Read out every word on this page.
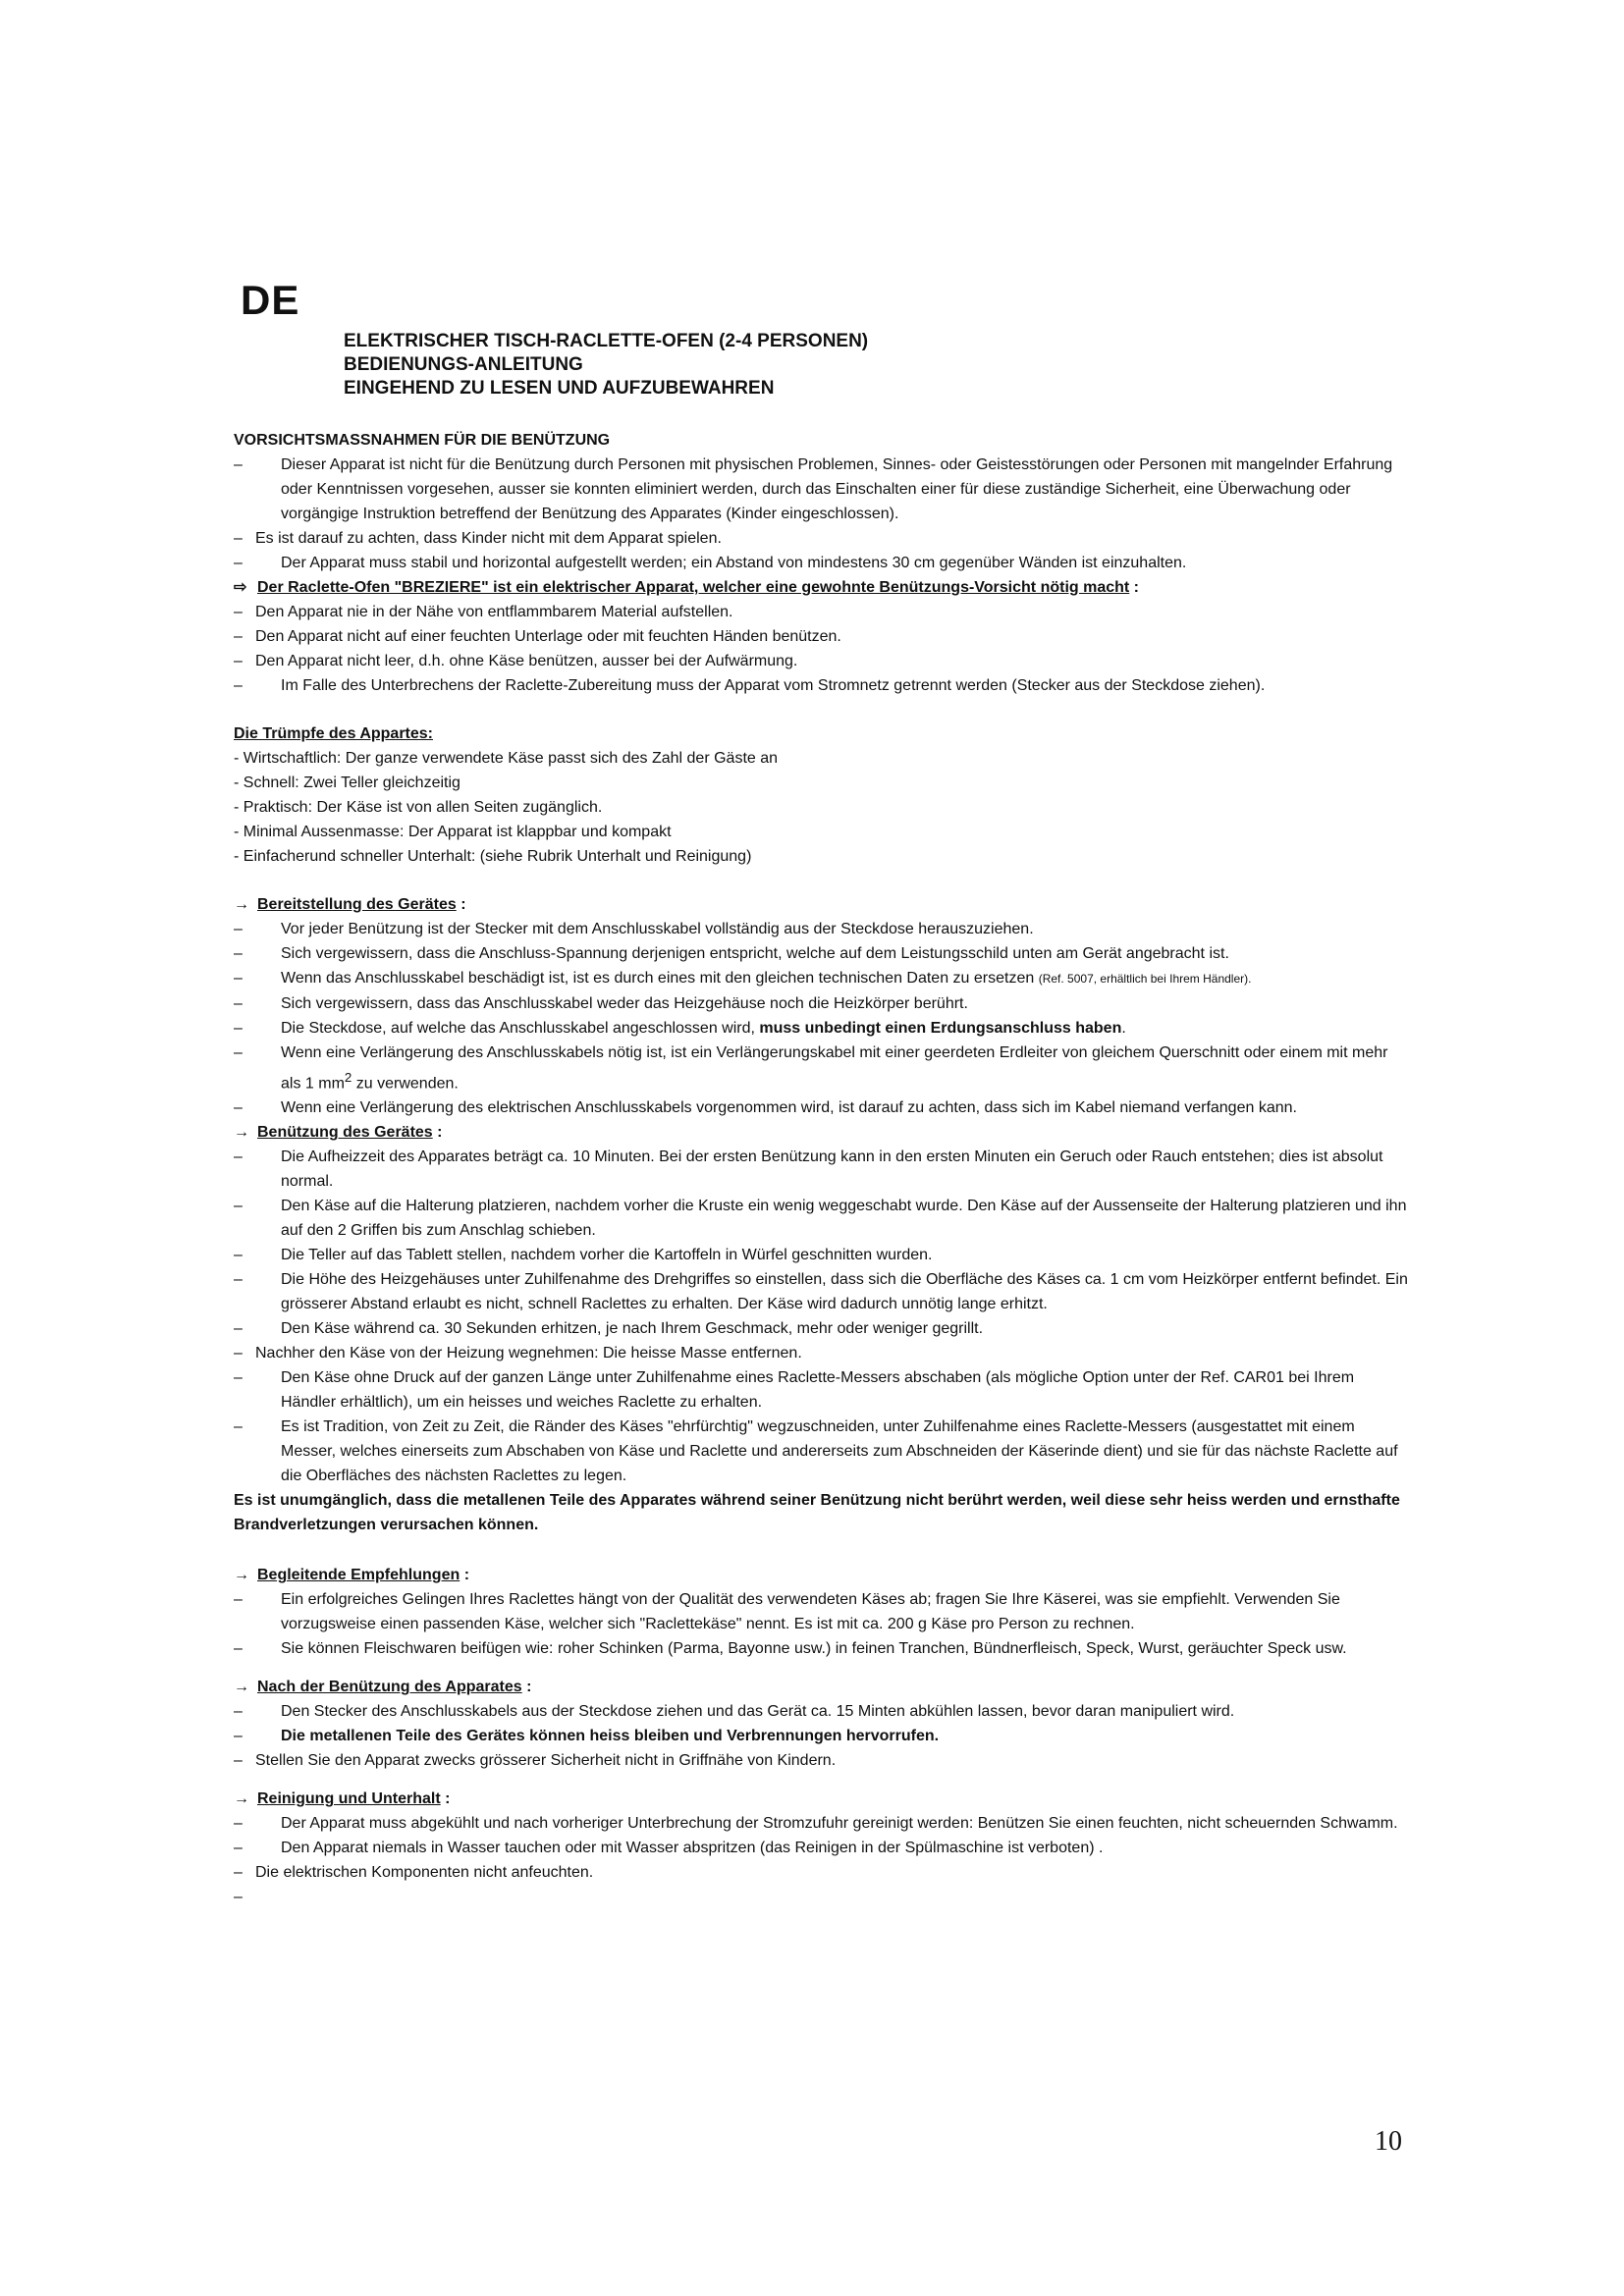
DE
ELEKTRISCHER TISCH-RACLETTE-OFEN (2-4 PERSONEN)
BEDIENUNGS-ANLEITUNG
EINGEHEND ZU LESEN UND AUFZUBEWAHREN

VORSICHTSMASSNAHMEN FÜR DIE BENÜTZUNG

–	Dieser Apparat ist nicht für die Benützung durch Personen mit physischen Problemen, Sinnes- oder Geistesstörungen oder Personen mit mangelnder Erfahrung oder Kenntnissen vorgesehen, ausser sie konnten eliminiert werden, durch das Einschalten einer für diese zuständige Sicherheit, eine Überwachung oder vorgängige Instruktion betreffend der Benützung des Apparates (Kinder eingeschlossen).
– Es ist darauf zu achten, dass Kinder nicht mit dem Apparat spielen.
–	Der Apparat muss stabil und horizontal aufgestellt werden; ein Abstand von mindestens 30 cm gegenüber Wänden ist einzuhalten.

⇨ Der Raclette-Ofen "BREZIERE" ist ein elektrischer Apparat, welcher eine gewohnte Benützungs-Vorsicht nötig macht :

– Den Apparat nie in der Nähe von entflammbarem Material aufstellen.
– Den Apparat nicht auf einer feuchten Unterlage oder mit feuchten Händen benützen.
– Den Apparat nicht leer, d.h. ohne Käse benützen, ausser bei der Aufwärmung.
–	Im Falle des Unterbrechens der Raclette-Zubereitung muss der Apparat vom Stromnetz getrennt werden (Stecker aus der Steckdose ziehen).

Die Trümpfe des Appartes:

- Wirtschaftlich: Der ganze verwendete Käse passt sich des Zahl der Gäste an

- Schnell: Zwei Teller gleichzeitig

- Praktisch: Der Käse ist von allen Seiten zugänglich.

- Minimal Aussenmasse: Der Apparat ist klappbar und kompakt

- Einfacherund schneller Unterhalt: (siehe Rubrik Unterhalt und Reinigung)

→ Bereitstellung des Gerätes :

–	Vor jeder Benützung ist der Stecker mit dem Anschlusskabel vollständig aus der Steckdose herauszuziehen.
–	Sich vergewissern, dass die Anschluss-Spannung derjenigen entspricht, welche auf dem Leistungsschild unten am Gerät angebracht ist.
–	Wenn das Anschlusskabel beschädigt ist, ist es durch eines mit den gleichen technischen Daten zu ersetzen (Ref. 5007, erhältlich bei Ihrem Händler).
–	Sich vergewissern, dass das Anschlusskabel weder das Heizgehäuse noch die Heizkörper berührt.
–	Die Steckdose, auf welche das Anschlusskabel angeschlossen wird, muss unbedingt einen Erdungsanschluss haben.
–	Wenn eine Verlängerung des Anschlusskabels nötig ist, ist ein Verlängerungskabel mit einer geerdeten Erdleiter von gleichem Querschnitt oder einem mit mehr als 1 $mm^2$ zu verwenden.
–	Wenn eine Verlängerung des elektrischen Anschlusskabels vorgenommen wird, ist darauf zu achten, dass sich im Kabel niemand verfangen kann.

→ Benützung des Gerätes :

–	Die Aufheizzeit des Apparates beträgt ca. 10 Minuten. Bei der ersten Benützung kann in den ersten Minuten ein Geruch oder Rauch entstehen; dies ist absolut normal.
–	Den Käse auf die Halterung platzieren, nachdem vorher die Kruste ein wenig weggeschabt wurde. Den Käse auf der Aussenseite der Halterung platzieren und ihn auf den 2 Griffen bis zum Anschlag schieben.
–	Die Teller auf das Tablett stellen, nachdem vorher die Kartoffeln in Würfel geschnitten wurden.
–	Die Höhe des Heizgehäuses unter Zuhilfenahme des Drehgriffes so einstellen, dass sich die Oberfläche des Käses ca. 1 cm vom Heizkörper entfernt befindet. Ein grösserer Abstand erlaubt es nicht, schnell Raclettes zu erhalten. Der Käse wird dadurch unnötig lange erhitzt.
–	Den Käse während ca. 30 Sekunden erhitzen, je nach Ihrem Geschmack, mehr oder weniger gegrillt.
– Nachher den Käse von der Heizung wegnehmen: Die heisse Masse entfernen.
–	Den Käse ohne Druck auf der ganzen Länge unter Zuhilfenahme eines Raclette-Messers abschaben (als mögliche Option unter der Ref. CAR01 bei Ihrem Händler erhältlich), um ein heisses und weiches Raclette zu erhalten.
–	Es ist Tradition, von Zeit zu Zeit, die Ränder des Käses "ehrfürchtig" wegzuschneiden, unter Zuhilfenahme eines Raclette-Messers (ausgestattet mit einem Messer, welches einerseits zum Abschaben von Käse und Raclette und andererseits zum Abschneiden der Käserinde dient) und sie für das nächste Raclette auf die Oberfläches des nächsten Raclettes zu legen.

Es ist unumgänglich, dass die metallenen Teile des Apparates während seiner Benützung nicht berührt werden, weil diese sehr heiss werden und ernsthafte Brandverletzungen verursachen können.

→ Begleitende Empfehlungen :

–	Ein erfolgreiches Gelingen Ihres Raclettes hängt von der Qualität des verwendeten Käses ab; fragen Sie Ihre Käserei, was sie empfiehlt. Verwenden Sie vorzugsweise einen passenden Käse, welcher sich "Raclettekäse" nennt. Es ist mit ca. 200 g Käse pro Person zu rechnen.
–	Sie können Fleischwaren beifügen wie: roher Schinken (Parma, Bayonne usw.) in feinen Tranchen, Bündnerfleisch, Speck, Wurst, geräuchter Speck usw.

→ Nach der Benützung des Apparates :

–	Den Stecker des Anschlusskabels aus der Steckdose ziehen und das Gerät ca. 15 Minten abkühlen lassen, bevor daran manipuliert wird.
–	Die metallenen Teile des Gerätes können heiss bleiben und Verbrennungen hervorrufen.
– Stellen Sie den Apparat zwecks grösserer Sicherheit nicht in Griffnähe von Kindern.

→ Reinigung und Unterhalt :

–	Der Apparat muss abgekühlt und nach vorheriger Unterbrechung der Stromzufuhr gereinigt werden: Benützen Sie einen feuchten, nicht scheuernden Schwamm.
–	Den Apparat niemals in Wasser tauchen oder mit Wasser abspritzen (das Reinigen in der Spülmaschine ist verboten) .
– Die elektrischen Komponenten nicht anfeuchten.
–
10
